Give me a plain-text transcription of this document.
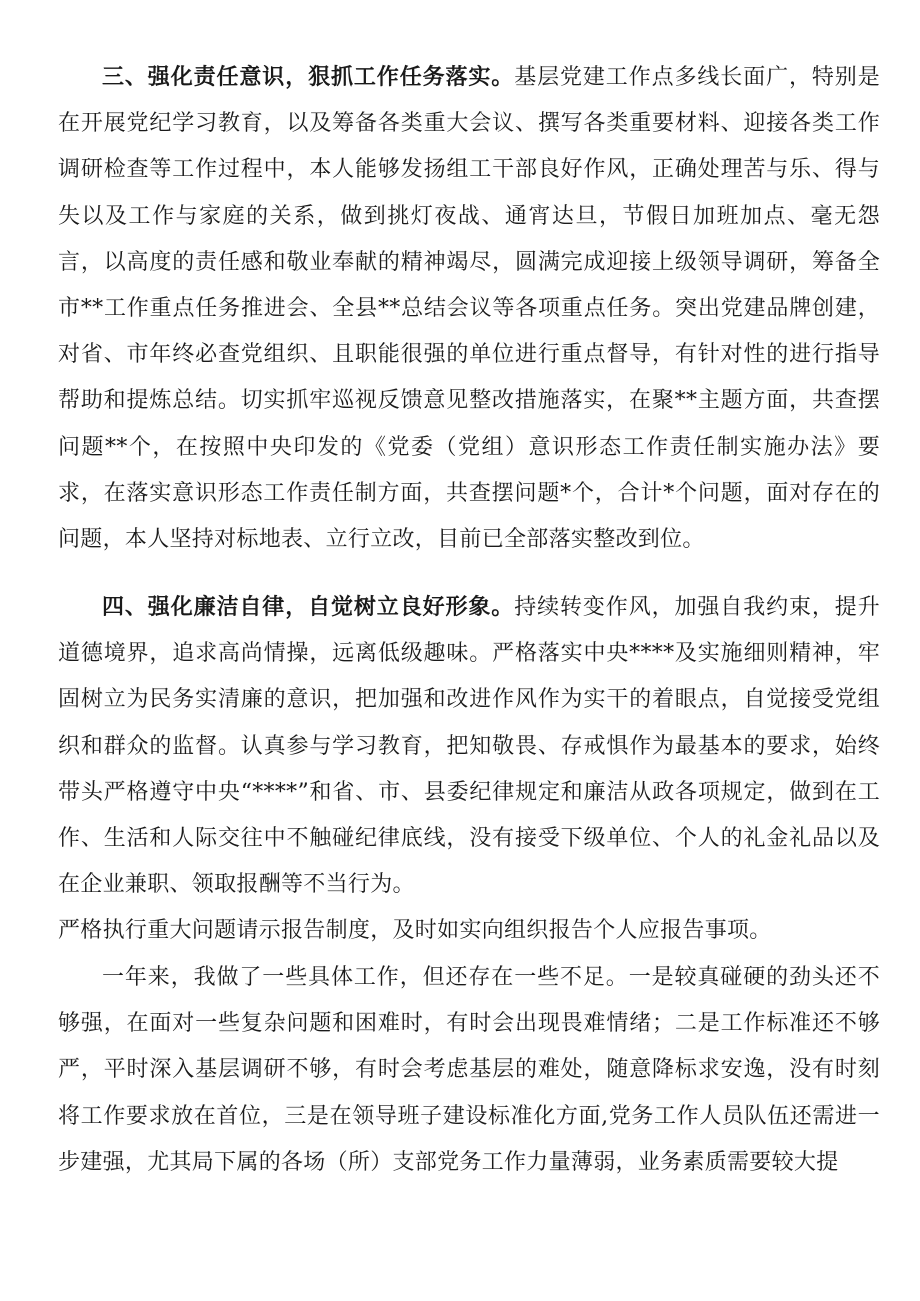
三、强化责任意识，狠抓工作任务落实。基层党建工作点多线长面广，特别是在开展党纪学习教育，以及筹备各类重大会议、撰写各类重要材料、迎接各类工作调研检查等工作过程中，本人能够发扬组工干部良好作风，正确处理苦与乐、得与失以及工作与家庭的关系，做到挑灯夜战、通宵达旦，节假日加班加点、毫无怨言，以高度的责任感和敬业奉献的精神竭尽，圆满完成迎接上级领导调研，筹备全市**工作重点任务推进会、全县**总结会议等各项重点任务。突出党建品牌创建，对省、市年终必查党组织、且职能很强的单位进行重点督导，有针对性的进行指导帮助和提炼总结。切实抓牢巡视反馈意见整改措施落实，在聚**主题方面，共查摆问题**个，在按照中央印发的《党委（党组）意识形态工作责任制实施办法》要求，在落实意识形态工作责任制方面，共查摆问题*个，合计*个问题，面对存在的问题，本人坚持对标地表、立行立改，目前已全部落实整改到位。

四、强化廉洁自律，自觉树立良好形象。持续转变作风，加强自我约束，提升道德境界，追求高尚情操，远离低级趣味。严格落实中央****及实施细则精神，牢固树立为民务实清廉的意识，把加强和改进作风作为实干的着眼点，自觉接受党组织和群众的监督。认真参与学习教育，把知敬畏、存戒惧作为最基本的要求，始终带头严格遵守中央“****”和省、市、县委纪律规定和廉洁从政各项规定，做到在工作、生活和人际交往中不触碰纪律底线，没有接受下级单位、个人的礼金礼品以及在企业兼职、领取报酬等不当行为。

严格执行重大问题请示报告制度，及时如实向组织报告个人应报告事项。

一年来，我做了一些具体工作，但还存在一些不足。一是较真碰硬的劲头还不够强，在面对一些复杂问题和困难时，有时会出现畏难情绪；二是工作标准还不够严，平时深入基层调研不够，有时会考虑基层的难处，随意降标求安逸，没有时刻将工作要求放在首位，三是在领导班子建设标准化方面,党务工作人员队伍还需进一步建强，尤其局下属的各场（所）支部党务工作力量薄弱，业务素质需要较大提
